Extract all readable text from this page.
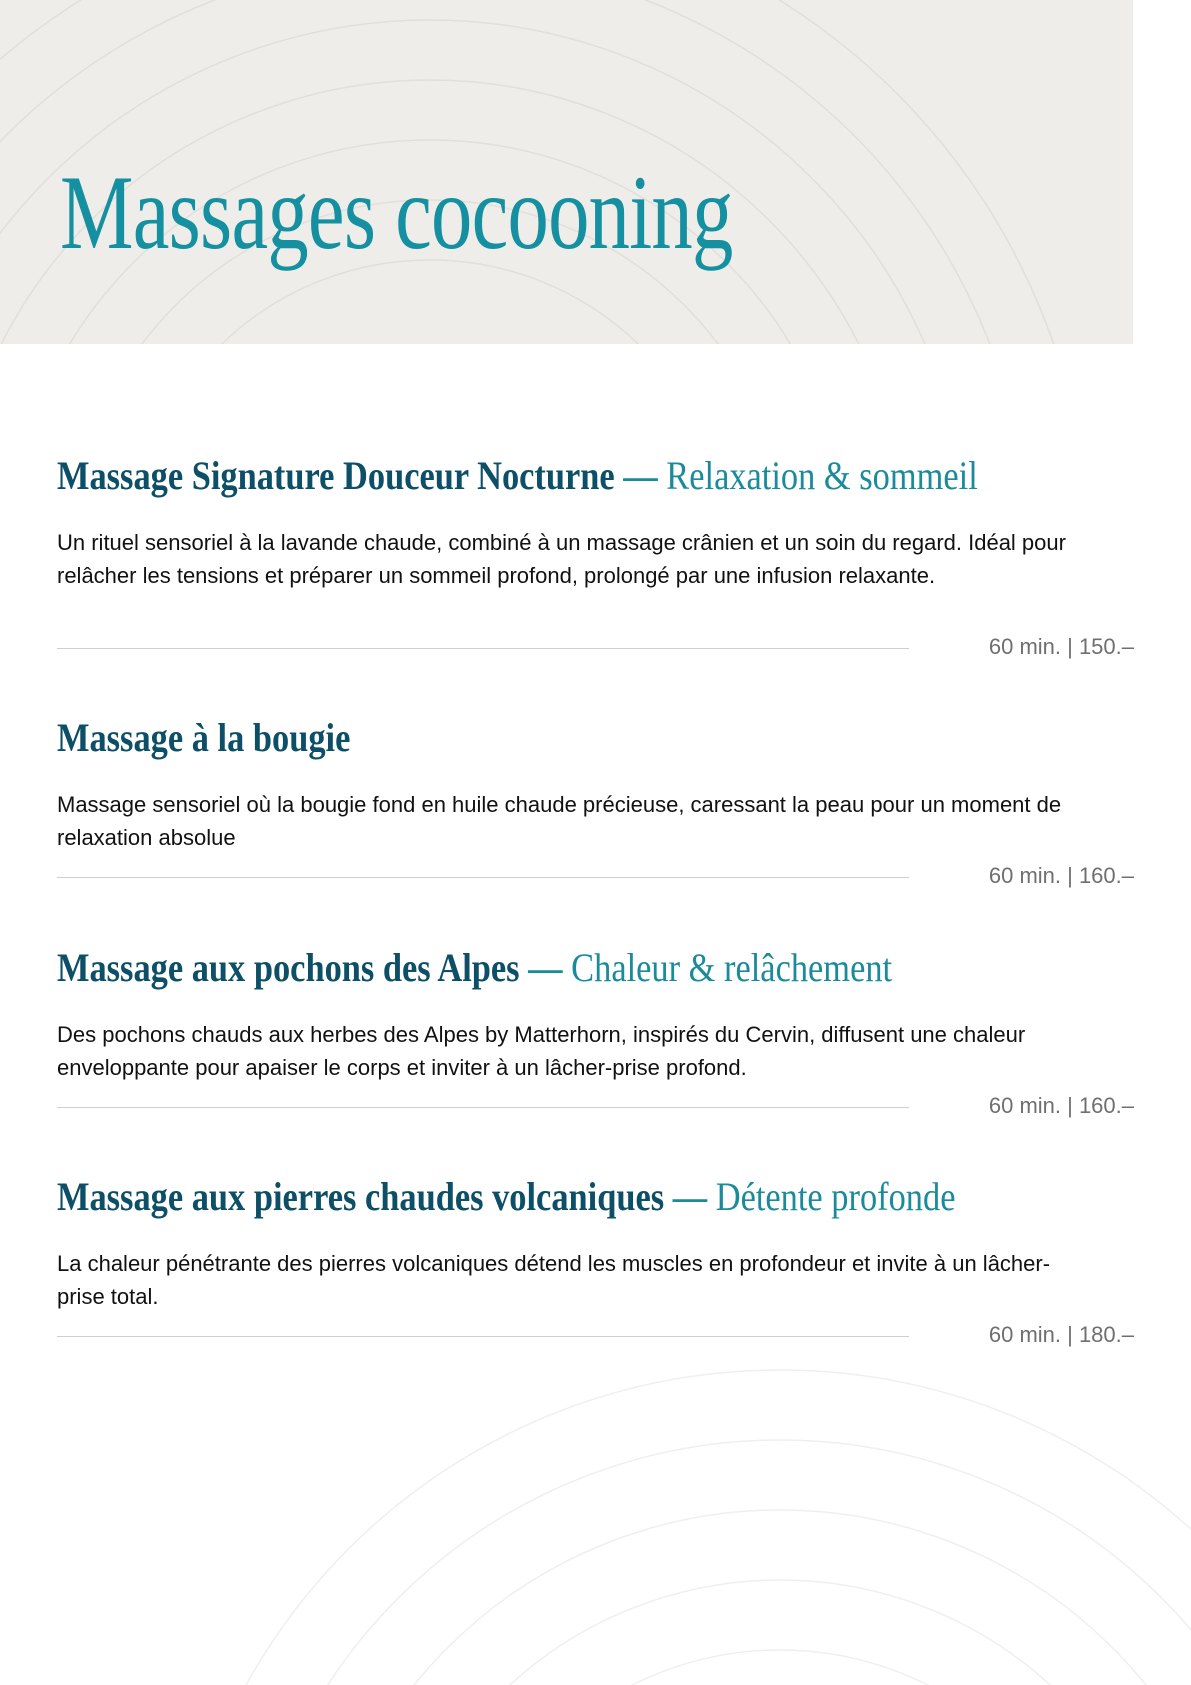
Massages cocooning
Massage Signature Douceur Nocturne — Relaxation & sommeil

Un rituel sensoriel à la lavande chaude, combiné à un massage crânien et un soin du regard. Idéal pour relâcher les tensions et préparer un sommeil profond, prolongé par une infusion relaxante.

60 min. | 150.–
Massage à la bougie

Massage sensoriel où la bougie fond en huile chaude précieuse, caressant la peau pour un moment de relaxation absolue

60 min. | 160.–
Massage aux pochons des Alpes — Chaleur & relâchement

Des pochons chauds aux herbes des Alpes by Matterhorn, inspirés du Cervin, diffusent une chaleur enveloppante pour apaiser le corps et inviter à un lâcher-prise profond.

60 min. | 160.–
Massage aux pierres chaudes volcaniques — Détente profonde

La chaleur pénétrante des pierres volcaniques détend les muscles en profondeur et invite à un lâcher-prise total.

60 min. | 180.–
